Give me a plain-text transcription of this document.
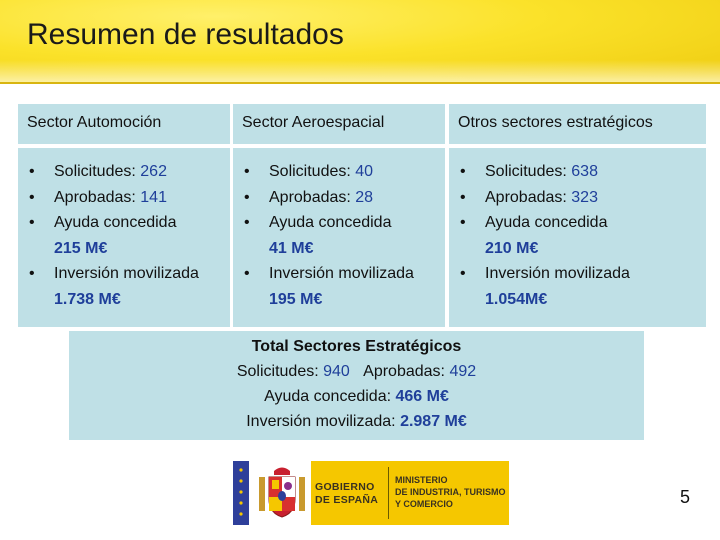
Resumen de resultados
Sector Automoción
• Solicitudes: 262
• Aprobadas: 141
• Ayuda concedida
215 M€
• Inversión movilizada
1.738 M€
Sector Aeroespacial
• Solicitudes: 40
• Aprobadas: 28
• Ayuda concedida
41 M€
• Inversión movilizada
195 M€
Otros sectores estratégicos
• Solicitudes: 638
• Aprobadas: 323
• Ayuda concedida
210 M€
• Inversión movilizada
1.054M€
Total Sectores Estratégicos
Solicitudes: 940 Aprobadas: 492
Ayuda concedida: 466 M€
Inversión movilizada: 2.987 M€
GOBIERNO
DE ESPAÑA
MINISTERIO
DE INDUSTRIA, TURISMO
Y COMERCIO	5
